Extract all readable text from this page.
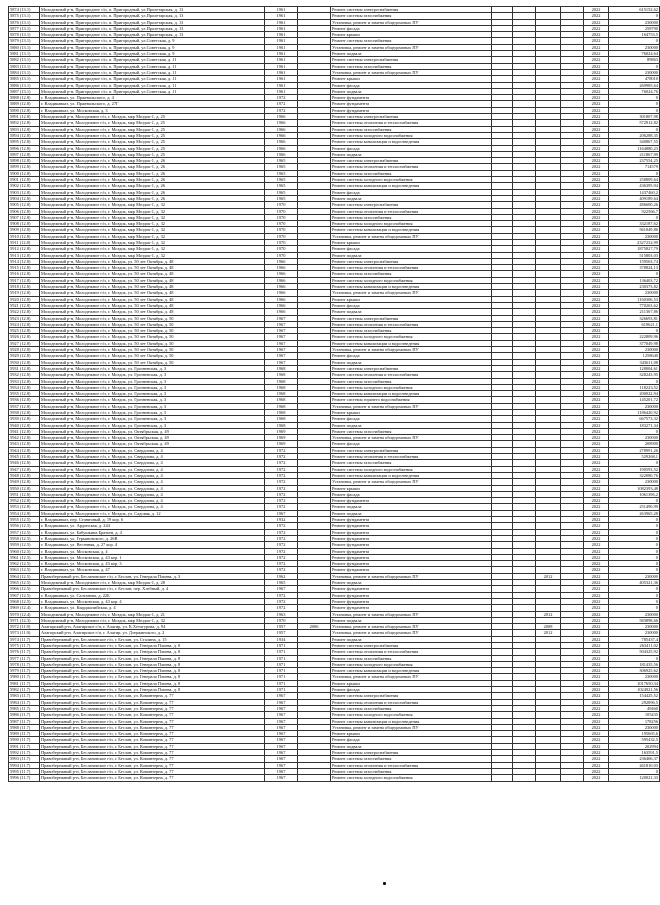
5874 (13.1)	Молодежный р-н, Пригородное с/п, п. Пригородный, ул.Пролетарская, д. 13	1961		Ремонт системы электроснабжения					2022	615152,62
5875 (13.1)	Молодежный р-н, Пригородное с/п, п. Пригородный, ул.Пролетарская, д. 13	1961		Ремонт системы газоснабжения					2022	0
5876 (13.1)	Молодежный р-н, Пригородное с/п, п. Пригородный, ул.Пролетарская, д. 13	1961		Установка, ремонт и замена общедомовых ПУ					2022	230000
5877 (13.1)	Молодежный р-н, Пригородное с/п, п. Пригородный, ул.Пролетарская, д. 13	1961		Ремонт фасада					2022	258790
5878 (13.1)	Молодежный р-н, Пригородное с/п, п. Пригородный, ул.Пролетарская, д. 13	1961		Ремонт крыши					2022	164753,5
5879 (13.1)	Молодежный р-н, Пригородное с/п, п. Пригородный, ул.Советская, д. 9	1961		Ремонт системы газоснабжения					2022	0
5880 (13.1)	Молодежный р-н, Пригородное с/п, п. Пригородный, ул.Советская, д. 9	1961		Установка, ремонт и замена общедомовых ПУ					2022	230000
5881 (13.1)	Молодежный р-н, Пригородное с/п, п. Пригородный, ул.Советская, д. 9	1961		Ремонт подвала					2022	76024,64
5882 (13.1)	Молодежный р-н, Пригородное с/п, п. Пригородный, ул.Советская, д. 11	1961		Ремонт системы электроснабжения					2022	89863
5883 (13.1)	Молодежный р-н, Пригородное с/п, п. Пригородный, ул.Советская, д. 11	1961		Ремонт системы газоснабжения					2022	0
5884 (13.1)	Молодежный р-н, Пригородное с/п, п. Пригородный, ул.Советская, д. 11	1961		Установка, ремонт и замена общедомовых ПУ					2022	230000
5885 (13.1)	Молодежный р-н, Пригородное с/п, п. Пригородный, ул.Советская, д. 11	1961		Ремонт крыши					2022	478010
5886 (13.1)	Молодежный р-н, Пригородное с/п, п. Пригородный, ул.Советская, д. 11	1961		Ремонт фасада					2022	269985,64
5887 (13.1)	Молодежный р-н, Пригородное с/п, п. Пригородный, ул.Советская, д. 11	1961		Ремонт подвала					2022	76024,76
5888 (12.8)	г. Владикавказ, ул. Пржевальского, д. 4	1972		Ремонт фундамента					2022	0
5889 (12.8)	г. Владикавказ, ул. Пржевальского, д. 27Г	1972		Ремонт фундамента					2022	0
5890 (12.8)	г. Владикавказ, ул. Московская, д. 3	1972		Ремонт фундамента					2022	0
5891 (12.8)	Молодежный р-н, Молодежное г/п, г. Моздок, мкр Моздок-1, д. 25	1966		Ремонт системы электроснабжения					2022	301807,98
5892 (12.8)	Молодежный р-н, Молодежное г/п, г. Моздок, мкр Моздок-1, д. 25	1966		Ремонт системы отопления и теплоснабжения					2022	572912,82
5893 (12.8)	Молодежный р-н, Молодежное г/п, г. Моздок, мкр Моздок-1, д. 25	1966		Ремонт системы газоснабжения					2022	0
5894 (12.8)	Молодежный р-н, Молодежное г/п, г. Моздок, мкр Моздок-1, д. 25	1966		Ремонт системы холодного водоснабжения					2022	206288,35
5895 (12.8)	Молодежный р-н, Молодежное г/п, г. Моздок, мкр Моздок-1, д. 25	1966		Ремонт системы канализации и водоотведения					2022	340867,55
5896 (12.8)	Молодежный р-н, Молодежное г/п, г. Моздок, мкр Моздок-1, д. 25	1966		Ремонт фасада					2022	1164880,23
5897 (12.8)	Молодежный р-н, Молодежное г/п, г. Моздок, мкр Моздок-1, д. 25	1966		Ремонт подвала					2022	211867,99
5898 (12.8)	Молодежный р-н, Молодежное г/п, г. Моздок, мкр Моздок-1, д. 26	1965		Ремонт системы электроснабжения					2022	237554,25
5899 (12.8)	Молодежный р-н, Молодежное г/п, г. Моздок, мкр Моздок-1, д. 26	1965		Ремонт системы отопления и теплоснабжения					2022	714579
5900 (12.8)	Молодежный р-н, Молодежное г/п, г. Моздок, мкр Моздок-1, д. 26	1965		Ремонт системы газоснабжения					2022	0
5901 (12.8)	Молодежный р-н, Молодежное г/п, г. Моздок, мкр Моздок-1, д. 26	1965		Ремонт системы холодного водоснабжения					2022	258809,64
5902 (12.8)	Молодежный р-н, Молодежное г/п, г. Моздок, мкр Моздок-1, д. 26	1965		Ремонт системы канализации и водоотведения					2022	436395,94
5903 (12.8)	Молодежный р-н, Молодежное г/п, г. Моздок, мкр Моздок-1, д. 26	1965		Ремонт фасада					2022	1437460,2
5904 (12.8)	Молодежный р-н, Молодежное г/п, г. Моздок, мкр Моздок-1, д. 26	1965		Ремонт подвала					2022	409189,64
5905 (12.8)	Молодежный р-н, Молодежное г/п, г. Моздок, мкр Моздок-1, д. 32	1970		Ремонт системы электроснабжения					2022	486600,26
5906 (12.8)	Молодежный р-н, Молодежное г/п, г. Моздок, мкр Моздок-1, д. 32	1970		Ремонт системы отопления и теплоснабжения					2022	922566,7
5907 (12.8)	Молодежный р-н, Молодежное г/п, г. Моздок, мкр Моздок-1, д. 32	1970		Ремонт системы газоснабжения					2022	0
5908 (12.8)	Молодежный р-н, Молодежное г/п, г. Моздок, мкр Моздок-1, д. 32	1970		Ремонт системы холодного водоснабжения					2022	332187,62
5909 (12.8)	Молодежный р-н, Молодежное г/п, г. Моздок, мкр Моздок-1, д. 32	1970		Ремонт системы канализации и водоотведения					2022	561049,86
5910 (12.8)	Молодежный р-н, Молодежное г/п, г. Моздок, мкр Моздок-1, д. 32	1970		Установка, ремонт и замена общедомовых ПУ					2022	230000
5911 (12.8)	Молодежный р-н, Молодежное г/п, г. Моздок, мкр Моздок-1, д. 32	1970		Ремонт крыши					2022	2327232,99
5912 (12.8)	Молодежный р-н, Молодежное г/п, г. Моздок, мкр Моздок-1, д. 32	1970		Ремонт фасада					2022	1875827,79
5913 (12.8)	Молодежный р-н, Молодежное г/п, г. Моздок, мкр Моздок-1, д. 32	1970		Ремонт подвала					2022	515803,03
5914 (12.8)	Молодежный р-н, Молодежное г/п, г. Моздок, ул. 50 лет Октября, д. 48	1966		Ремонт системы электроснабжения					2022	159563,74
5915 (12.8)	Молодежный р-н, Молодежное г/п, г. Моздок, ул. 50 лет Октября, д. 48	1966		Ремонт системы отопления и теплоснабжения					2022	378824,13
5916 (12.8)	Молодежный р-н, Молодежное г/п, г. Моздок, ул. 50 лет Октября, д. 48	1966		Ремонт системы газоснабжения					2022	0
5917 (12.8)	Молодежный р-н, Молодежное г/п, г. Моздок, ул. 50 лет Октября, д. 48	1966		Ремонт системы холодного водоснабжения					2022	136403,72
5918 (12.8)	Молодежный р-н, Молодежное г/п, г. Моздок, ул. 50 лет Октября, д. 48	1966		Ремонт системы канализации и водоотведения					2022	230373,82
5919 (12.8)	Молодежный р-н, Молодежное г/п, г. Моздок, ул. 50 лет Октября, д. 48	1966		Установка, ремонт и замена общедомовых ПУ					2022	230000
5920 (12.8)	Молодежный р-н, Молодежное г/п, г. Моздок, ул. 50 лет Октября, д. 48	1966		Ремонт крыши					2022	1160306,53
5921 (12.8)	Молодежный р-н, Молодежное г/п, г. Моздок, ул. 50 лет Октября, д. 48	1966		Ремонт фасада					2022	770263,62
5922 (12.8)	Молодежный р-н, Молодежное г/п, г. Моздок, ул. 50 лет Октября, д. 48	1966		Ремонт подвала					2022	211367,86
5923 (12.8)	Молодежный р-н, Молодежное г/п, г. Моздок, ул. 50 лет Октября, д. 50	1967		Ремонт системы электроснабжения					2022	326693,81
5924 (12.8)	Молодежный р-н, Молодежное г/п, г. Моздок, ул. 50 лет Октября, д. 50	1967		Ремонт системы отопления и теплоснабжения					2022	619621,1
5925 (12.8)	Молодежный р-н, Молодежное г/п, г. Моздок, ул. 50 лет Октября, д. 50	1967		Ремонт системы газоснабжения					2022	0
5926 (12.8)	Молодежный р-н, Молодежное г/п, г. Моздок, ул. 50 лет Октября, д. 50	1967		Ремонт системы холодного водоснабжения					2022	222809,96
5927 (12.8)	Молодежный р-н, Молодежное г/п, г. Моздок, ул. 50 лет Октября, д. 50	1967		Ремонт системы канализации и водоотведения					2022	377049,98
5928 (12.8)	Молодежный р-н, Молодежное г/п, г. Моздок, ул. 50 лет Октября, д. 50	1967		Установка, ремонт и замена общедомовых ПУ					2022	230000
5929 (12.8)	Молодежный р-н, Молодежное г/п, г. Моздок, ул. 50 лет Октября, д. 50	1967		Ремонт фасада					2022	1258640
5930 (12.8)	Молодежный р-н, Молодежное г/п, г. Моздок, ул. 50 лет Октября, д. 50	1967		Ремонт подвала					2022	343611,08
5931 (12.8)	Молодежный р-н, Молодежное г/п, г. Моздок, ул. Грозненская, д. 3	1968		Ремонт системы электроснабжения					2022	128004,61
5932 (12.8)	Молодежный р-н, Молодежное г/п, г. Моздок, ул. Грозненская, д. 3	1968		Ремонт системы отопления и теплоснабжения					2022	328243,95
5933 (12.8)	Молодежный р-н, Молодежное г/п, г. Моздок, ул. Грозненская, д. 3	1968		Ремонт системы газоснабжения					2022	0
5934 (12.8)	Молодежный р-н, Молодежное г/п, г. Моздок, ул. Грозненская, д. 3	1968		Ремонт системы холодного водоснабжения					2022	118223,52
5935 (12.8)	Молодежный р-н, Молодежное г/п, г. Моздок, ул. Грозненская, д. 3	1968		Ремонт системы канализации и водоотведения					2022	200022,94
5936 (12.8)	Молодежный р-н, Молодежное г/п, г. Моздок, ул. Грозненская, д. 3	1968		Ремонт системы горячего водоснабжения					2022	145201,72
5937 (12.8)	Молодежный р-н, Молодежное г/п, г. Моздок, ул. Грозненская, д. 3	1968		Установка, ремонт и замена общедомовых ПУ					2022	230000
5938 (12.8)	Молодежный р-н, Молодежное г/п, г. Моздок, ул. Грозненская, д. 3	1968		Ремонт крыши					2022	1186420,92
5939 (12.8)	Молодежный р-н, Молодежное г/п, г. Моздок, ул. Грозненская, д. 3	1968		Ремонт фасада					2022	667573,32
5940 (12.8)	Молодежный р-н, Молодежное г/п, г. Моздок, ул. Грозненская, д. 3	1968		Ремонт подвала					2022	183271,34
5941 (12.8)	Молодежный р-н, Молодежное г/п, г. Моздок, ул. Октябрьская, д. 49	1969		Ремонт системы газоснабжения					2022	0
5942 (12.8)	Молодежный р-н, Молодежное г/п, г. Моздок, ул. Октябрьская, д. 49	1969		Установка, ремонт и замена общедомовых ПУ					2022	230000
5943 (12.8)	Молодежный р-н, Молодежное г/п, г. Моздок, ул. Октябрьская, д. 49	1969		Ремонт фасада					2022	208900
5944 (12.8)	Молодежный р-н, Молодежное г/п, г. Моздок, ул. Свердлова, д. 4	1972		Ремонт системы электроснабжения					2022	278991,26
5945 (12.8)	Молодежный р-н, Молодежное г/п, г. Моздок, ул. Свердлова, д. 4	1972		Ремонт системы отопления и теплоснабжения					2022	529268,1
5946 (12.8)	Молодежный р-н, Молодежное г/п, г. Моздок, ул. Свердлова, д. 4	1972		Ремонт системы газоснабжения					2022	0
5947 (12.8)	Молодежный р-н, Молодежное г/п, г. Моздок, ул. Свердлова, д. 4	1972		Ремонт системы холодного водоснабжения					2022	190593,52
5948 (12.8)	Молодежный р-н, Молодежное г/п, г. Моздок, ул. Свердлова, д. 4	1972		Ремонт системы канализации и водоотведения					2022	322080,76
5949 (12.8)	Молодежный р-н, Молодежное г/п, г. Моздок, ул. Свердлова, д. 4	1972		Установка, ремонт и замена общедомовых ПУ					2022	230000
5950 (12.8)	Молодежный р-н, Молодежное г/п, г. Моздок, ул. Свердлова, д. 4	1972		Ремонт крыши					2022	1082393,48
5951 (12.8)	Молодежный р-н, Молодежное г/п, г. Моздок, ул. Свердлова, д. 4	1972		Ремонт фасада					2022	1061396,2
5952 (12.8)	Молодежный р-н, Молодежное г/п, г. Моздок, ул. Свердлова, д. 4	1972		Ремонт фундамента					2022	0
5953 (12.8)	Молодежный р-н, Молодежное г/п, г. Моздок, ул. Свердлова, д. 4	1972		Ремонт подвала					2022	251490,99
5954 (12.8)	Молодежный р-н, Молодежное г/п, г. Моздок, ул. Садовая, д. 12	1967		Ремонт подвала					2022	263965,28
5955 (12.5)	г. Владикавказ, пер. Станичный, д. 19 кор. 6	1932		Ремонт фундамента					2022	0
5956 (12.5)	г. Владикавказ, ул. Ардонская, д. 244	1972		Ремонт фундамента					2022	0
5957 (12.5)	г. Владикавказ, ул. Бабушкина Братьев, д. 4	1972		Ремонт фундамента					2022	0
5958 (12.5)	г. Владикавказ, ул. Герьяновского, д. 26В	1972		Ремонт фундамента					2022	0
5959 (12.5)	г. Владикавказ, ул. Весенняя, д. 27 кор. 4	1972		Ремонт фундамента					2022	0
5960 (12.5)	г. Владикавказ, ул. Московская, д. 4	1972		Ремонт фундамента					2022	0
5961 (12.5)	г. Владикавказ, ул. Московская, д. 43 кор. 1	1972		Ремонт фундамента					2022	0
5962 (12.5)	г. Владикавказ, ул. Московская, д. 43 кор. 3	1972		Ремонт фундамента					2022	0
5963 (12.5)	г. Владикавказ, ул. Московская, д. 47	1972		Ремонт фундамента					2022	0
5964 (12.5)	Правобережный р-н, Беслановское г/п, г. Беслан, ул. Генерала Плиева, д. 3	1962		Установка, ремонт и замена общедомовых ПУ			2012		2022	230000
5965 (12.5)	Молодежный р-н, Молодежное г/п, г. Моздок, мкр Моздок-1, д. 28	1965		Ремонт подвала					2022	405321,36
5966 (12.5)	Правобережный р-н, Беслановское г/п, г. Беслан, пер. Хлебный, д. 4	1967		Ремонт фундамента					2022	0
5967 (12.5)	г. Владикавказ, ул. Салтанова, д. 22Б	1972		Ремонт фундамента					2022	0
5968 (12.5)	г. Владикавказ, ул. Московская, д. 43 кор. 4	1972		Ремонт фундамента					2022	0
5969 (12.4)	г. Владикавказ, ул. Кырджалийская, д. 4	1972		Ремонт фундамента					2022	0
5970 (12.4)	Молодежный р-н, Молодежное г/п, г. Моздок, мкр Моздок-1, д. 21	1963		Установка, ремонт и замена общедомовых ПУ			2012		2022	230000
5971 (12.3)	Молодежный р-н, Молодежное г/п, г. Моздок, мкр Моздок-1, д. 32	1970		Ремонт подвала					2022	583898,66
5972 (11.9)	Алагирский р-н, Алагирское г/п, г. Алагир, ул. К.Хетагурова, д. 94	1957	2006	Установка, ремонт и замена общедомовых ПУ			2008		2022	230000
5973 (11.9)	Алагирский р-н, Алагирское г/п, г. Алагир, ул. Дзержинского, д. 2	1957		Установка, ремонт и замена общедомовых ПУ			2012		2022	230000
5974 (11.7)	Правобережный р-н, Беслановское г/п, г. Беслан, ул. Сталина, д. 15	1934		Ремонт подвала					2022	785437,4
5975 (11.7)	Правобережный р-н, Беслановское г/п, г. Беслан, ул. Генерала Плиева, д. 8	1971		Ремонт системы электроснабжения					2022	263411,02
5976 (11.7)	Правобережный р-н, Беслановское г/п, г. Беслан, ул. Генерала Плиева, д. 8	1971		Ремонт системы отопления и теплоснабжения					2022	504325,92
5977 (11.7)	Правобережный р-н, Беслановское г/п, г. Беслан, ул. Генерала Плиева, д. 8	1971		Ремонт системы газоснабжения					2022	0
5978 (11.7)	Правобережный р-н, Беслановское г/п, г. Беслан, ул. Генерала Плиева, д. 8	1971		Ремонт системы холодного водоснабжения					2022	181435,56
5979 (11.7)	Правобережный р-н, Беслановское г/п, г. Беслан, ул. Генерала Плиева, д. 8	1971		Ремонт системы канализации и водоотведения					2022	306925,62
5980 (11.7)	Правобережный р-н, Беслановское г/п, г. Беслан, ул. Генерала Плиева, д. 8	1971		Установка, ремонт и замена общедомовых ПУ					2022	230000
5981 (11.7)	Правобережный р-н, Беслановское г/п, г. Беслан, ул. Генерала Плиева, д. 8	1971		Ремонт крыши					2022	1017650,34
5982 (11.7)	Правобережный р-н, Беслановское г/п, г. Беслан, ул. Генерала Плиева, д. 8	1971		Ремонт фасада					2022	1024921,56
5983 (11.7)	Правобережный р-н, Беслановское г/п, г. Беслан, ул. Коминтерна, д. 77	1967		Ремонт системы электроснабжения					2022	154425,52
5984 (11.7)	Правобережный р-н, Беслановское г/п, г. Беслан, ул. Коминтерна, д. 77	1967		Ремонт системы отопления и теплоснабжения					2022	292896,5
5985 (11.7)	Правобережный р-н, Беслановское г/п, г. Беслан, ул. Коминтерна, д. 77	1967		Ремонт системы газоснабжения					2022	49460
5986 (11.7)	Правобережный р-н, Беслановское г/п, г. Беслан, ул. Коминтерна, д. 77	1967		Ремонт системы холодного водоснабжения					2022	105435
5987 (11.7)	Правобережный р-н, Беслановское г/п, г. Беслан, ул. Коминтерна, д. 77	1967		Ремонт системы канализации и водоотведения					2022	178256
5988 (11.7)	Правобережный р-н, Беслановское г/п, г. Беслан, ул. Коминтерна, д. 77	1967		Установка, ремонт и замена общедомовых ПУ					2022	230000
5989 (11.7)	Правобережный р-н, Беслановское г/п, г. Беслан, ул. Коминтерна, д. 77	1967		Ремонт крыши					2022	195665,6
5990 (11.7)	Правобережный р-н, Беслановское г/п, г. Беслан, ул. Коминтерна, д. 77	1967		Ремонт фасада					2022	595432,5
5991 (11.7)	Правобережный р-н, Беслановское г/п, г. Беслан, ул. Коминтерна, д. 77	1967		Ремонт подвала					2022	202994
5992 (11.7)	Правобережный р-н, Беслановское г/п, г. Беслан, ул. Коминтерна, д. 77	1967		Ремонт системы электроснабжения					2022	163591,5
5993 (11.7)	Правобережный р-н, Беслановское г/п, г. Беслан, ул. Коминтерна, д. 77	1967		Ремонт системы газоснабжения					2022	236466,37
5994 (11.7)	Правобережный р-н, Беслановское г/п, г. Беслан, ул. Коминтерна, д. 77	1967		Ремонт системы отопления и теплоснабжения					2022	261810,03
5995 (11.7)	Правобережный р-н, Беслановское г/п, г. Беслан, ул. Коминтерна, д. 77	1967		Ремонт системы газоснабжения					2022	0
5996 (11.7)	Правобережный р-н, Беслановское г/п, г. Беслан, ул. Коминтерна, д. 77	1967		Ремонт системы холодного водоснабжения					2022	120021,33
